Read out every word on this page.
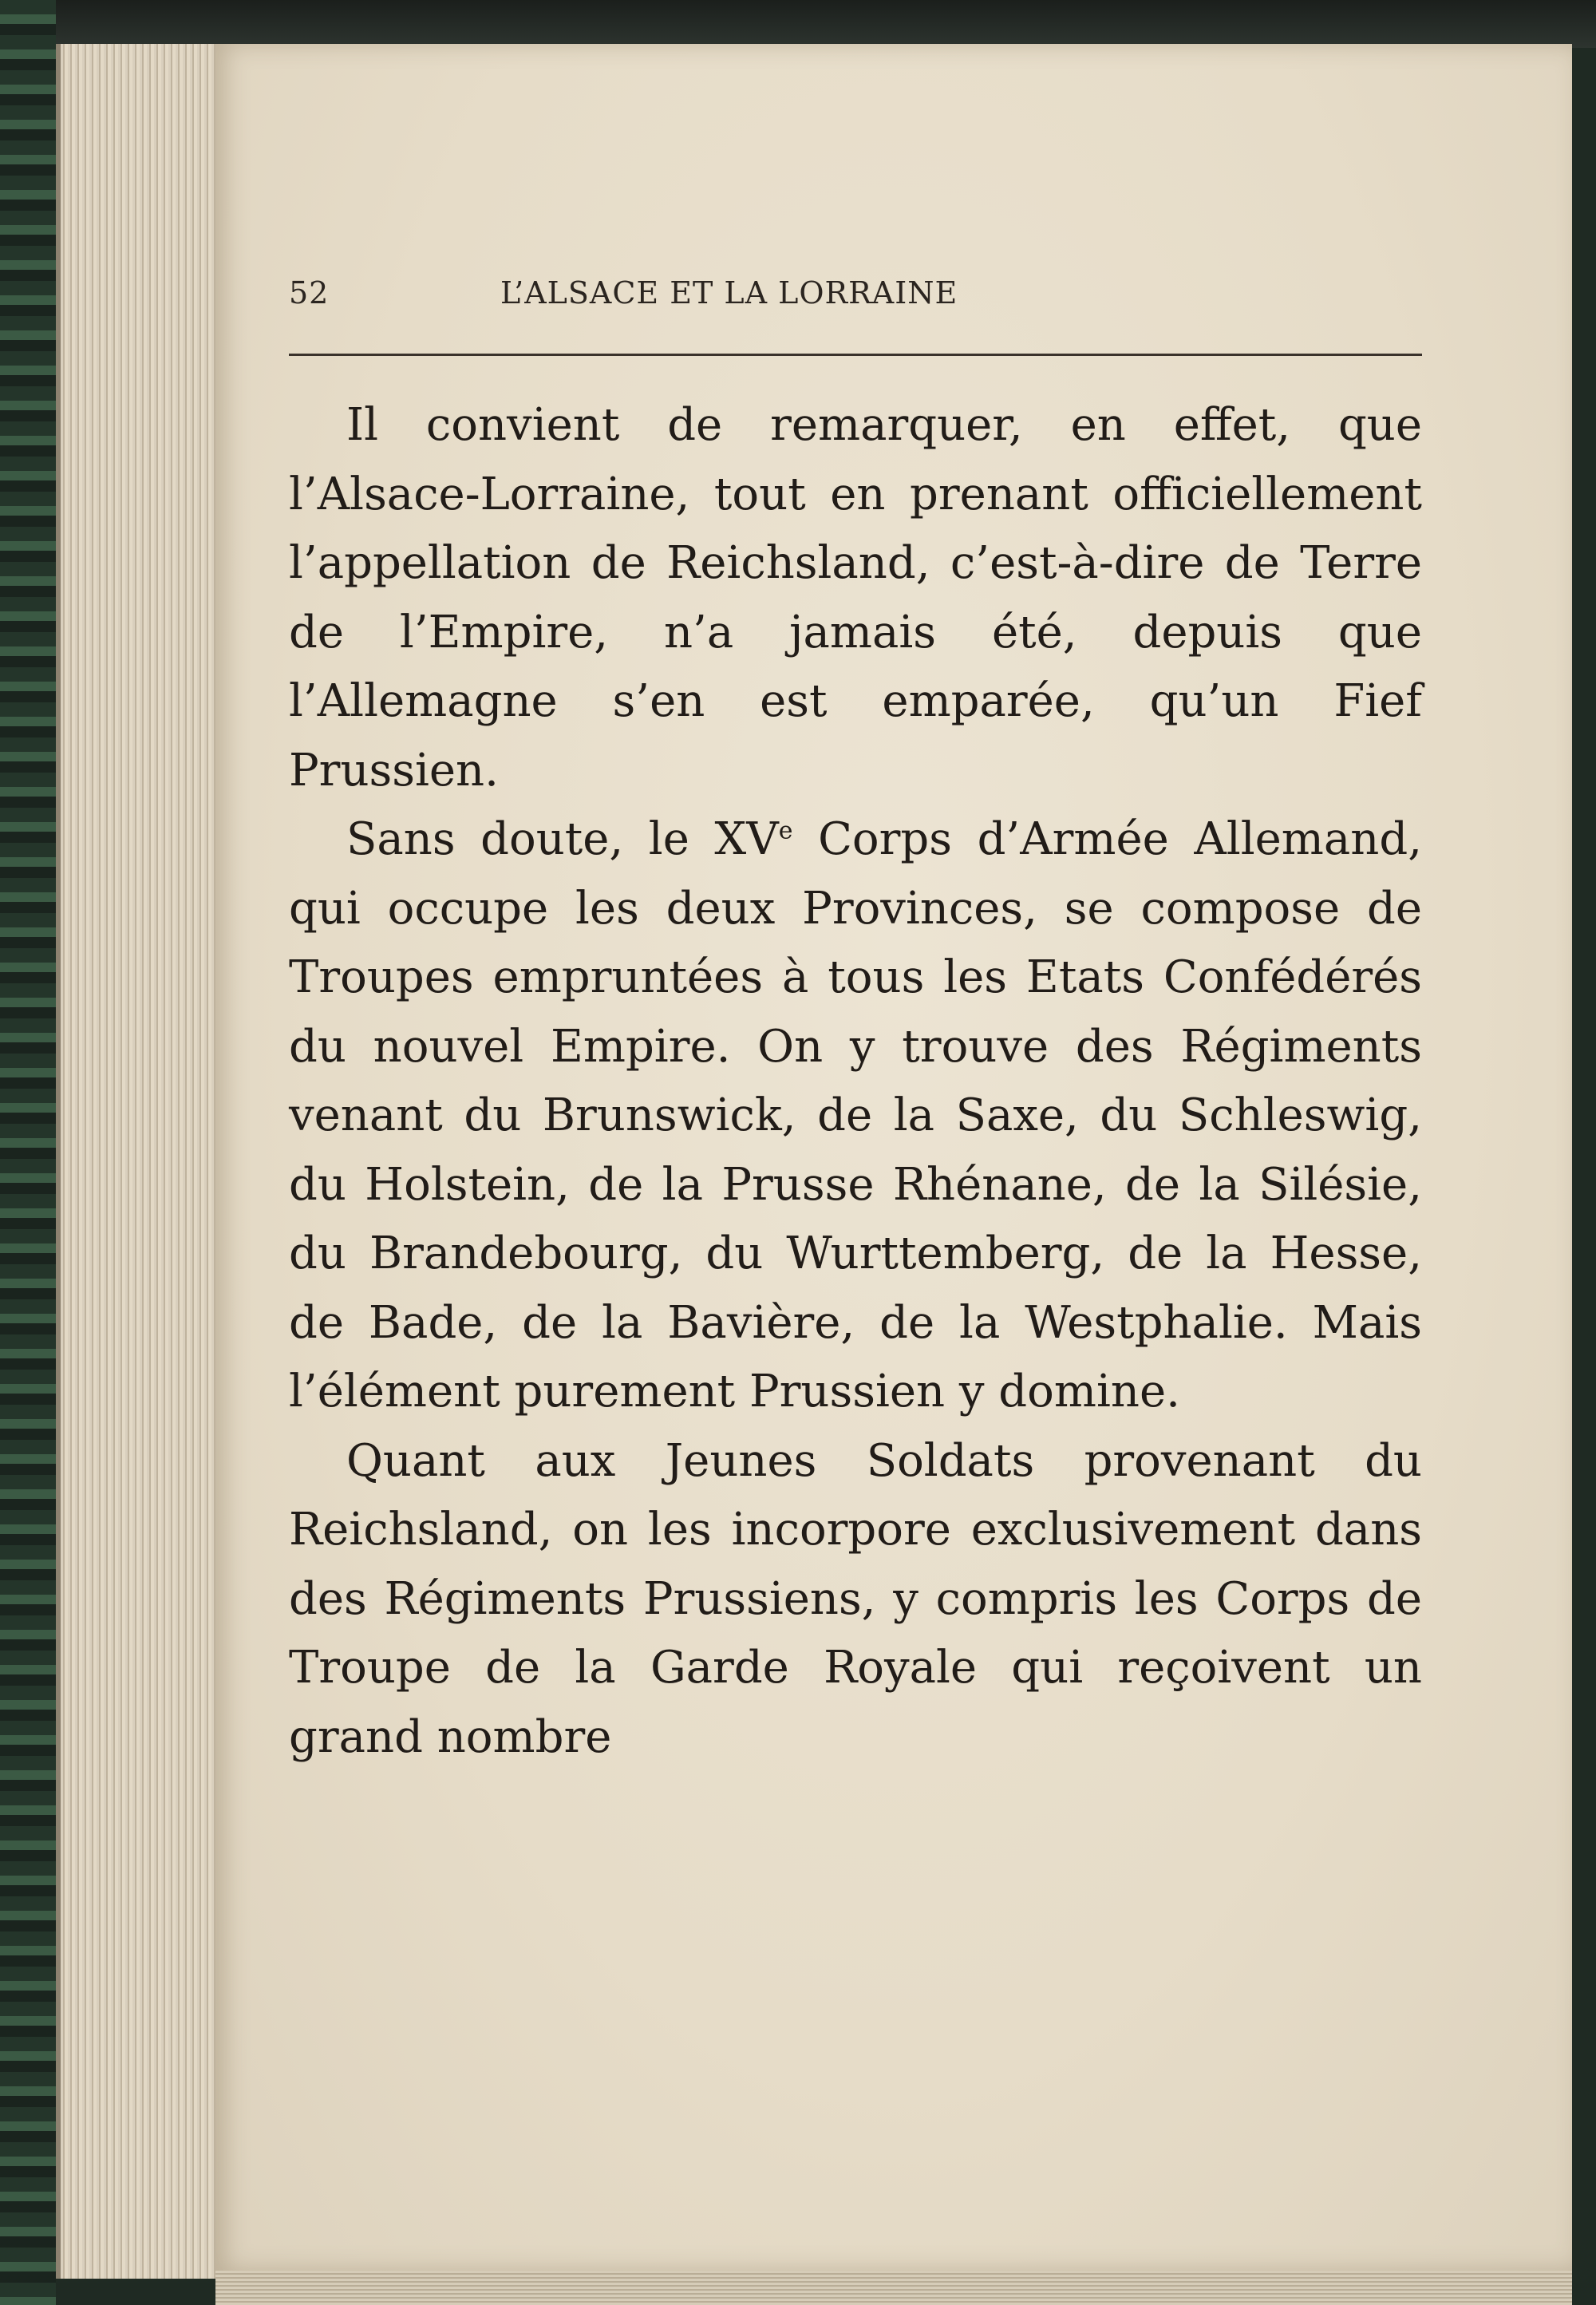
52	L’ALSACE ET LA LORRAINE

Il convient de remarquer, en effet, que l’Alsace-Lorraine, tout en prenant officiellement l’appellation de Reichsland, c’est-à-dire de Terre de l’Empire, n’a jamais été, depuis que l’Allemagne s’en est emparée, qu’un Fief Prussien.

Sans doute, le XVe Corps d’Armée Allemand, qui occupe les deux Provinces, se compose de Troupes empruntées à tous les Etats Confédérés du nouvel Empire. On y trouve des Régiments venant du Brunswick, de la Saxe, du Schleswig, du Holstein, de la Prusse Rhénane, de la Silésie, du Brandebourg, du Wurttemberg, de la Hesse, de Bade, de la Bavière, de la Westphalie. Mais l’élément purement Prussien y domine.

Quant aux Jeunes Soldats provenant du Reichsland, on les incorpore exclusivement dans des Régiments Prussiens, y compris les Corps de Troupe de la Garde Royale qui reçoivent un grand nombre
